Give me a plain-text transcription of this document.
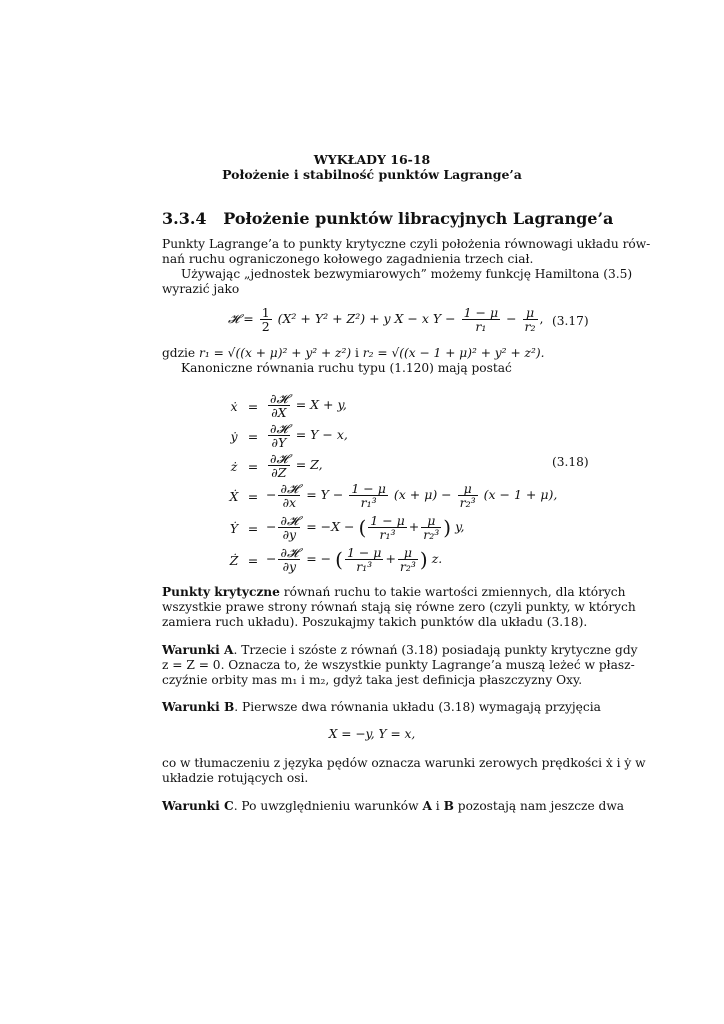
WYKŁADY 16-18
Położenie i stabilność punktów Lagrange’a
3.3.4 Położenie punktów libracyjnych Lagrange’a
Punkty Lagrange’a to punkty krytyczne czyli położenia równowagi układu rów-
nań ruchu ograniczonego kołowego zagadnienia trzech ciał.
Używając „jednostek bezwymiarowych” możemy funkcję Hamiltona (3.5)
wyrazić jako
𝓗 = $\frac{1}{2} (X^2 + Y^2 + Z^2) + y$ X − x $Y - \frac{1 - \mu}{\text{r₁}} - \frac{\mu}{\text{r₂}}$ , (3.17)
gdzie r₁ = √((x + μ)² + y² + z²) i r₂ = √((x − 1 + μ)² + y² + z²).
Kanoniczne równania ruchu typu (1.120) mają postać
ẋ = $\frac{\text{∂𝓗}}{\partial X} = X + y$,
ẏ = $\frac{\text{∂𝓗}}{\partial Y} = Y - x$,
ż = $\frac{\text{∂𝓗}}{\partial Z} = Z$,
Ẋ = − $\frac{\text{∂𝓗}}{\partial x} = Y - \frac{1 - \mu}{\text{r₁³}} (x + \mu) - \frac{\mu}{\text{r₂³}} (x - 1 + \mu)$,
Ẏ = − $\frac{\text{∂𝓗}}{\partial y} = -X$ − ( $\frac{1 - \mu}{\text{r₁³}} + \frac{\mu}{\text{r₂³}}$ ) y,
Ż = − $\frac{\text{∂𝓗}}{\partial y}$ = − ( $\frac{1 - \mu}{\text{r₁³}} + \frac{\mu}{\text{r₂³}}$ ) z.
(3.18)
Punkty krytyczne równań ruchu to takie wartości zmiennych, dla których
wszystkie prawe strony równań stają się równe zero (czyli punkty, w których
zamiera ruch układu). Poszukajmy takich punktów dla układu (3.18).
Warunki A. Trzecie i szóste z równań (3.18) posiadają punkty krytyczne gdy
z = Z = 0. Oznacza to, że wszystkie punkty Lagrange’a muszą leżeć w płasz-
czyźnie orbity mas m₁ i m₂, gdyż taka jest definicja płaszczyzny Oxy.
Warunki B. Pierwsze dwa równania układu (3.18) wymagają przyjęcia
X = −y, Y = x,
co w tłumaczeniu z języka pędów oznacza warunki zerowych prędkości ẋ i ẏ w
układzie rotujących osi.
Warunki C. Po uwzględnieniu warunków A i B pozostają nam jeszcze dwa
